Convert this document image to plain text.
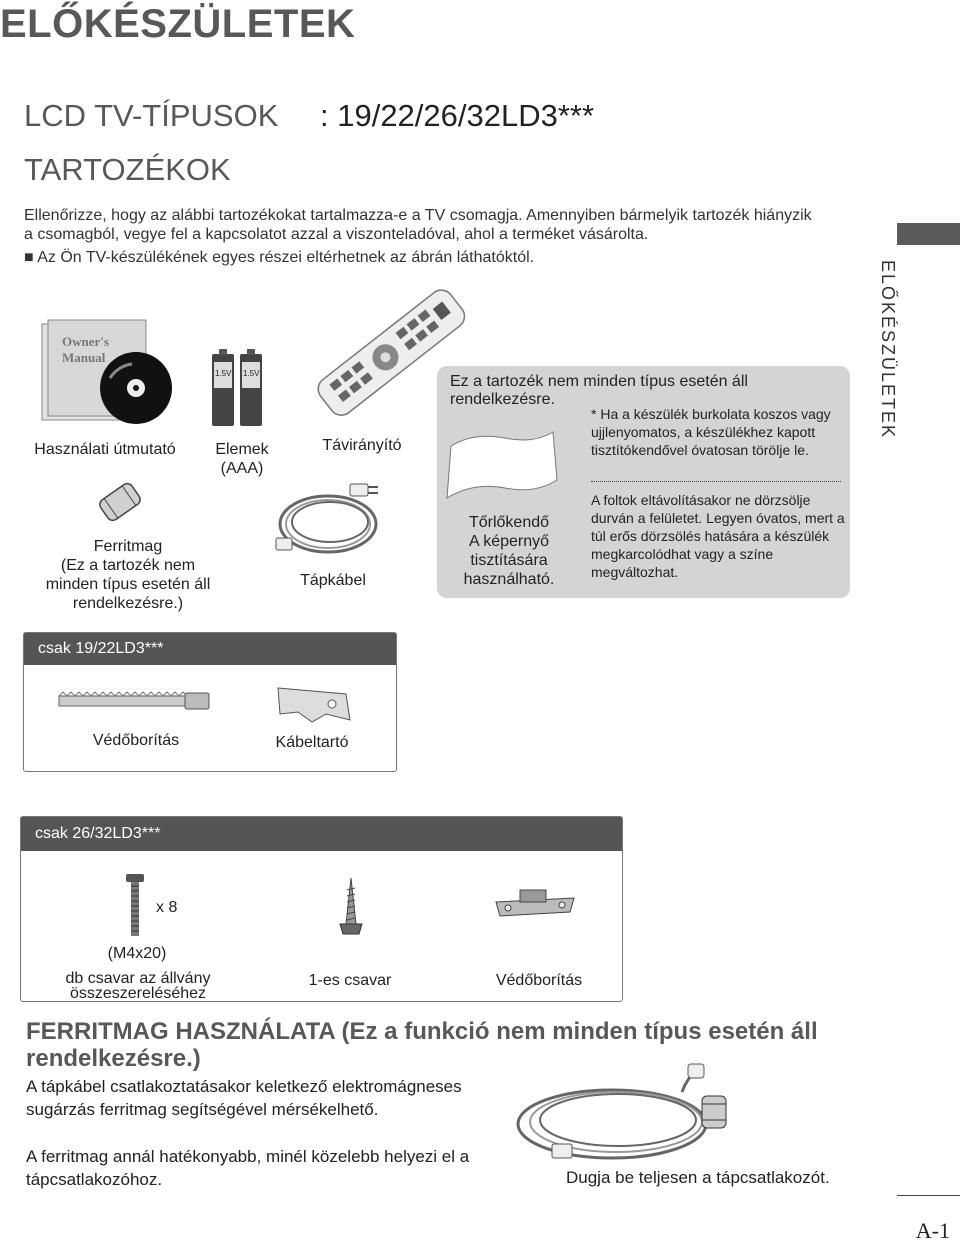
ELŐKÉSZÜLETEK
LCD TV-TÍPUSOK : 19/22/26/32LD3***
TARTOZÉKOK
Ellenőrizze, hogy az alábbi tartozékokat tartalmazza-e a TV csomagja. Amennyiben bármelyik tartozék hiányzik a csomagból, vegye fel a kapcsolatot azzal a viszonteladóval, ahol a terméket vásárolta.
■ Az Ön TV-készülékének egyes részei eltérhetnek az ábrán láthatóktól.
ELŐKÉSZÜLETEK
Owner's
Manual
Használati útmutató
1.5V 1.5V
Elemek
(AAA)
Távirányító
Ferritmag
(Ez a tartozék nem
minden típus esetén áll
rendelkezésre.)
Tápkábel
Ez a tartozék nem minden típus esetén áll rendelkezésre.
Tőrlőkendő
A képernyő
tisztítására
használható.
* Ha a készülék burkolata koszos vagy ujjlenyomatos, a készülékhez kapott tisztítókendővel óvatosan törölje le.
A foltok eltávolításakor ne dörzsölje durván a felületet. Legyen óvatos, mert a túl erős dörzsölés hatására a készülék megkarcolódhat vagy a színe megváltozhat.
csak 19/22LD3***
Védőborítás	Kábeltartó
csak 26/32LD3***
x 8
(M4x20)
db csavar az állvány összeszereléséhez
1-es csavar	Védőborítás
FERRITMAG HASZNÁLATA (Ez a funkció nem minden típus esetén áll rendelkezésre.)
A tápkábel csatlakoztatásakor keletkező elektromágneses sugárzás ferritmag segítségével mérsékelhető.
A ferritmag annál hatékonyabb, minél közelebb helyezi el a tápcsatlakozóhoz.	Dugja be teljesen a tápcsatlakozót.
A-1
